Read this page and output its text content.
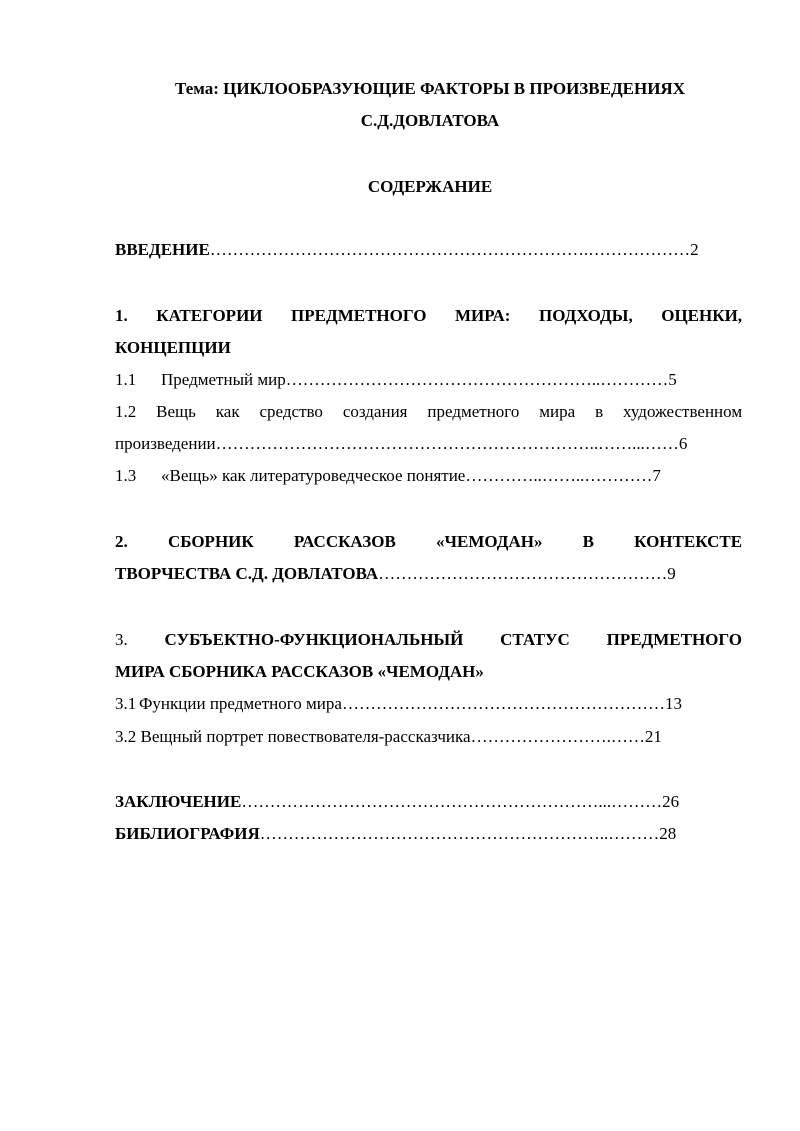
Тема: ЦИКЛООБРАЗУЮЩИЕ ФАКТОРЫ В ПРОИЗВЕДЕНИЯХ
С.Д.ДОВЛАТОВА
СОДЕРЖАНИЕ
ВВЕДЕНИЕ………………………………………………………….………………2
1. КАТЕГОРИИ ПРЕДМЕТНОГО МИРА: ПОДХОДЫ, ОЦЕНКИ,
КОНЦЕПЦИИ
1.1 Предметный мир………………………………………………..…………5
1.2 Вещь как средство создания предметного мира в художественном
произведении…………………………………………………………..……...……6
1.3 «Вещь» как литературоведческое понятие…………..……..…………7
2. СБОРНИК РАССКАЗОВ «ЧЕМОДАН» В КОНТЕКСТЕ
ТВОРЧЕСТВА С.Д. ДОВЛАТОВА……………………………………………9
3. СУБЪЕКТНО-ФУНКЦИОНАЛЬНЫЙ СТАТУС ПРЕДМЕТНОГО
МИРА СБОРНИКА РАССКАЗОВ «ЧЕМОДАН»
3.1 Функции предметного мира…………………………………………………13
3.2 Вещный портрет повествователя-рассказчика…………………….……21
ЗАКЛЮЧЕНИЕ………………………………………………………...………26
БИБЛИОГРАФИЯ……………………………………………………..………28
